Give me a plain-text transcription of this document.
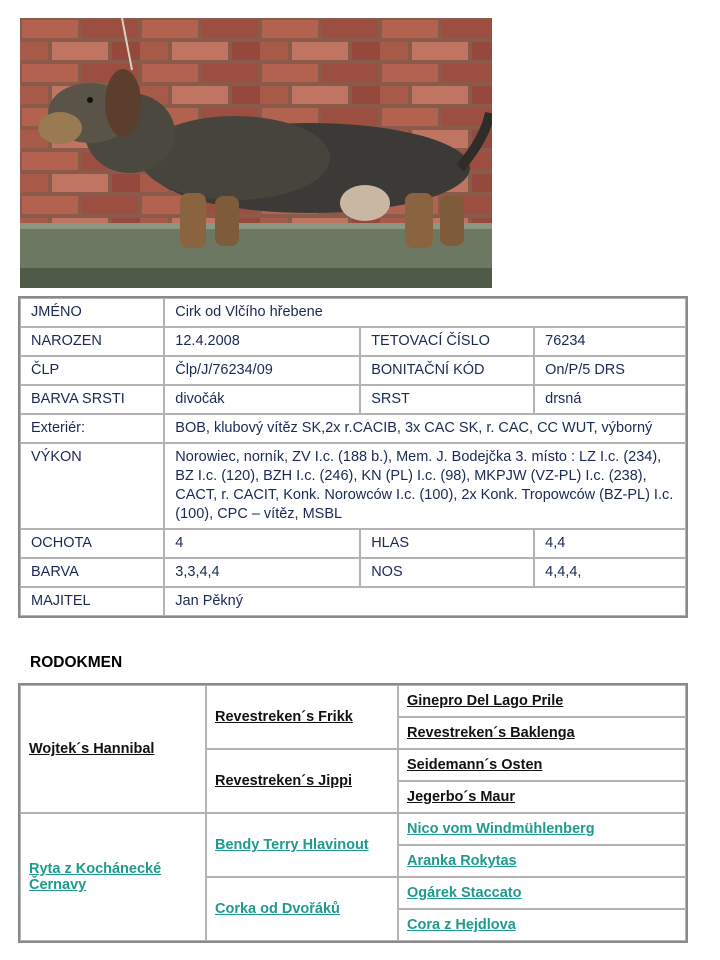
JMÉNO	Cirk od Vlčího hřebene		
NAROZEN	12.4.2008	TETOVACÍ ČÍSLO	76234
ČLP	Člp/J/76234/09	BONITAČNÍ KÓD	On/P/5 DRS
BARVA SRSTI	divočák	SRST	drsná
Exteriér:	BOB, klubový vítěz SK,2x r.CACIB, 3x CAC SK, r. CAC, CC WUT, výborný		
VÝKON	Norowiec, norník, ZV I.c. (188 b.), Mem. J. Bodejčka 3. místo : LZ I.c. (234), BZ I.c. (120), BZH I.c. (246), KN (PL) I.c. (98), MKPJW (VZ-PL) I.c. (238), CACT, r. CACIT, Konk. Norowców I.c. (100), 2x Konk. Tropowców (BZ-PL) I.c. (100), CPC – vítěz, MSBL		
OCHOTA	4	HLAS	4,4
BARVA	3,3,4,4	NOS	4,4,4,
MAJITEL	Jan Pěkný		
RODOKMEN
Wojtek´s Hannibal	Revestreken´s Frikk	Ginepro Del Lago Prile
		Revestreken´s Baklenga
	Revestreken´s Jippi	Seidemann´s Osten
		Jegerbo´s Maur
Ryta z Kochánecké Černavy	Bendy Terry Hlavinout	Nico vom Windmühlenberg
		Aranka Rokytas
	Corka od Dvořáků	Ogárek Staccato
		Cora z Hejdlova
